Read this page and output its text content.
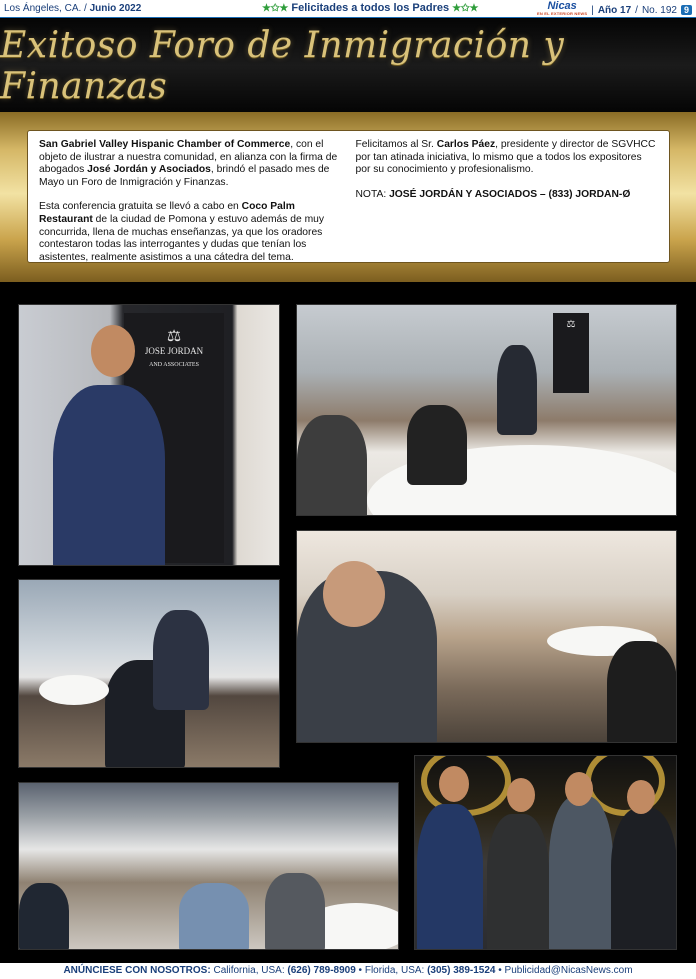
Los Ángeles, CA. / Junio 2022	★✩★ Felicitades a todos los Padres ★✩★	Nicas
EN EL EXTERIOR NEWS | Año 17 / No. 192 9
Exitoso Foro de Inmigración y Finanzas

San Gabriel Valley Hispanic Chamber of Commerce, con el objeto de ilustrar a nuestra comunidad, en alianza con la firma de abogados José Jordán y Asociados, brindó el pasado mes de Mayo un Foro de Inmigración y Finanzas.

Esta conferencia gratuita se llevó a cabo en Coco Palm Restaurant de la ciudad de Pomona y estuvo además de muy concurrida, llena de muchas enseñanzas, ya que los oradores contestaron todas las interrogantes y dudas que tenían los asistentes, realmente asistimos a una cátedra del tema.

Felicitamos al Sr. Carlos Páez, presidente y director de SGVHCC por tan atinada iniciativa, lo mismo que a todos los expositores por su conocimiento y profesionalismo.

NOTA: JOSÉ JORDÁN Y ASOCIADOS – (833) JORDAN-Ø

⚖
JOSE JORDAN
AND ASSOCIATES
⚖
ANÚNCIESE CON NOSOTROS: California, USA: (626) 789-8909 • Florida, USA: (305) 389-1524 • Publicidad@NicasNews.com
